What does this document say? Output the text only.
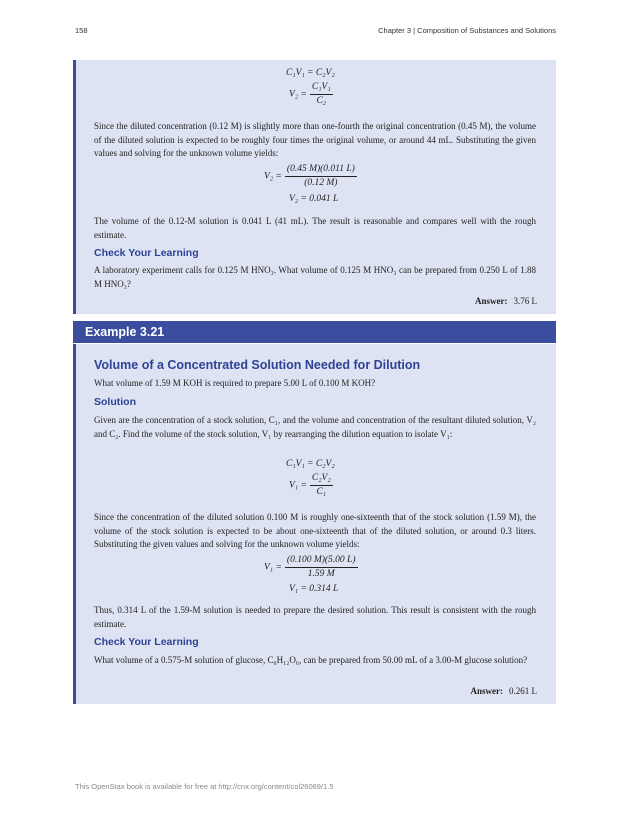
158	Chapter 3 | Composition of Substances and Solutions
C₁V₁ = C₂V₂
$V_2 = \frac{\text{C₁V₁}}{\text{C₂}}$

Since the diluted concentration (0.12 M) is slightly more than one-fourth the original concentration (0.45 M), the volume of the diluted solution is expected to be roughly four times the original volume, or around 44 mL. Substituting the given values and solving for the unknown volume yields:

$V_2 = \frac{(0.45 M)(0.011 L)}{(0.12 M)}$
V₂ = 0.041 L

The volume of the 0.12-M solution is 0.041 L (41 mL). The result is reasonable and compares well with the rough estimate.

Check Your Learning

A laboratory experiment calls for 0.125 M HNO₃. What volume of 0.125 M HNO₃ can be prepared from 0.250 L of 1.88 M HNO₃?

Answer: 3.76 L
Example 3.21
Volume of a Concentrated Solution Needed for Dilution

What volume of 1.59 M KOH is required to prepare 5.00 L of 0.100 M KOH?

Solution

Given are the concentration of a stock solution, C₁, and the volume and concentration of the resultant diluted solution, V₂ and C₂. Find the volume of the stock solution, V₁ by rearranging the dilution equation to isolate V₁:

C₁V₁ = C₂V₂
$V_1 = \frac{\text{C₂V₂}}{\text{C₁}}$

Since the concentration of the diluted solution 0.100 M is roughly one-sixteenth that of the stock solution (1.59 M), the volume of the stock solution is expected to be about one-sixteenth that of the diluted solution, or around 0.3 liters. Substituting the given values and solving for the unknown volume yields:

$V_1 = \frac{(0.100 M)(5.00 L)}{1.59 M}$
V₁ = 0.314 L

Thus, 0.314 L of the 1.59-M solution is needed to prepare the desired solution. This result is consistent with the rough estimate.

Check Your Learning

What volume of a 0.575-M solution of glucose, C₆H₁₂O₆, can be prepared from 50.00 mL of a 3.00-M glucose solution?

Answer: 0.261 L
This OpenStax book is available for free at http://cnx.org/content/col26069/1.5
